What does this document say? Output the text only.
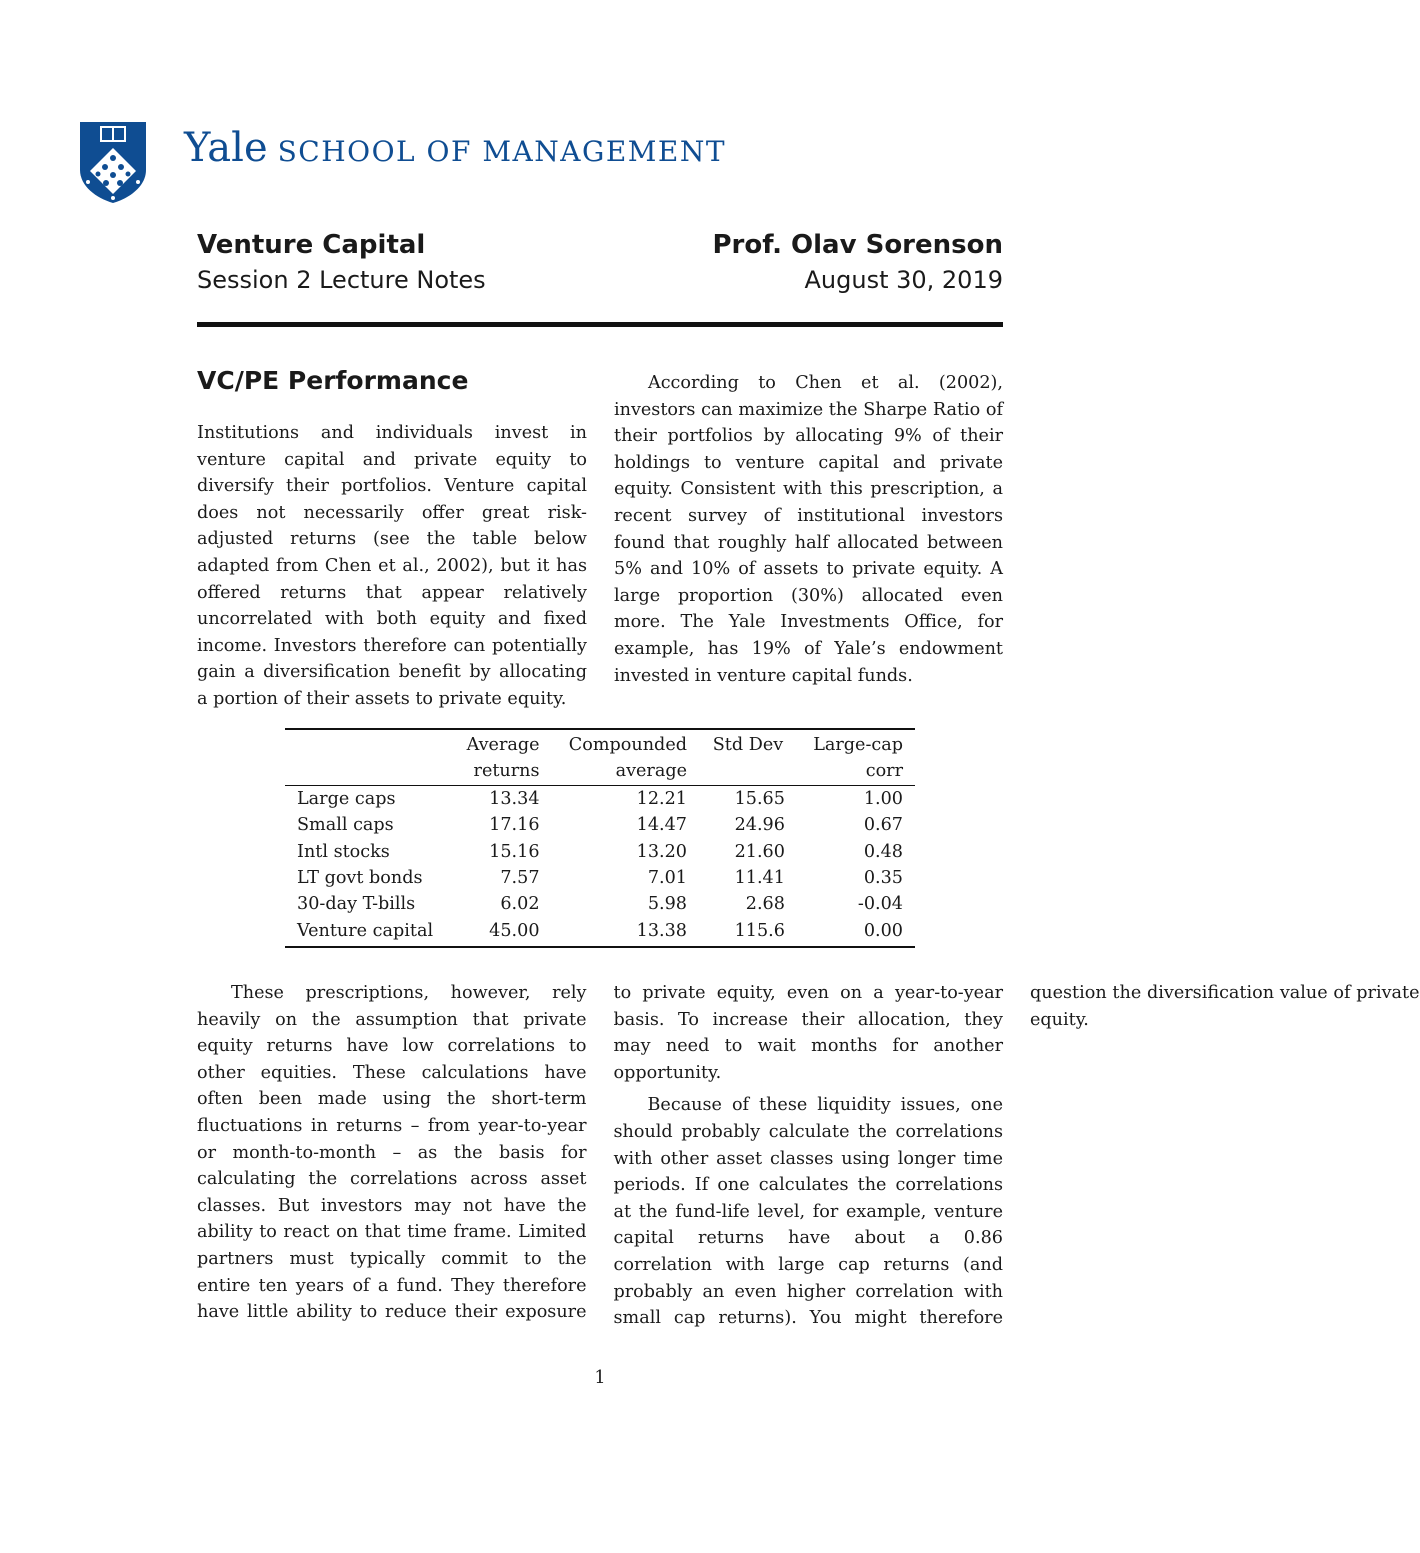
Yale SCHOOL OF MANAGEMENT
Venture Capital
Session 2 Lecture Notes
Prof. Olav Sorenson
August 30, 2019
VC/PE Performance

Institutions and individuals invest in venture capital and private equity to diversify their portfolios. Venture capital does not necessarily offer great risk-adjusted returns (see the table below adapted from Chen et al., 2002), but it has offered returns that appear relatively uncorrelated with both equity and fixed income. Investors therefore can potentially gain a diversification benefit by allocating a portion of their assets to private equity.

According to Chen et al. (2002), investors can maximize the Sharpe Ratio of their portfolios by allocating 9% of their holdings to venture capital and private equity. Consistent with this prescription, a recent survey of institutional investors found that roughly half allocated between 5% and 10% of assets to private equity. A large proportion (30%) allocated even more. The Yale Investments Office, for example, has 19% of Yale’s endowment invested in venture capital funds.

	Average	Compounded	Std Dev	Large-cap
	returns	average		corr
Large caps	13.34	12.21	15.65	1.00
Small caps	17.16	14.47	24.96	0.67
Intl stocks	15.16	13.20	21.60	0.48
LT govt bonds	7.57	7.01	11.41	0.35
30-day T-bills	6.02	5.98	2.68	-0.04
Venture capital	45.00	13.38	115.6	0.00

These prescriptions, however, rely heavily on the assumption that private equity returns have low correlations to other equities. These calculations have often been made using the short-term fluctuations in returns – from year-to-year or month-to-month – as the basis for calculating the correlations across asset classes. But investors may not have the ability to react on that time frame. Limited partners must typically commit to the entire ten years of a fund. They therefore have little ability to reduce their exposure to private equity, even on a year-to-year basis. To increase their allocation, they may need to wait months for another opportunity.

Because of these liquidity issues, one should probably calculate the correlations with other asset classes using longer time periods. If one calculates the correlations at the fund-life level, for example, venture capital returns have about a 0.86 correlation with large cap returns (and probably an even higher correlation with small cap returns). You might therefore question the diversification value of private equity.

1
